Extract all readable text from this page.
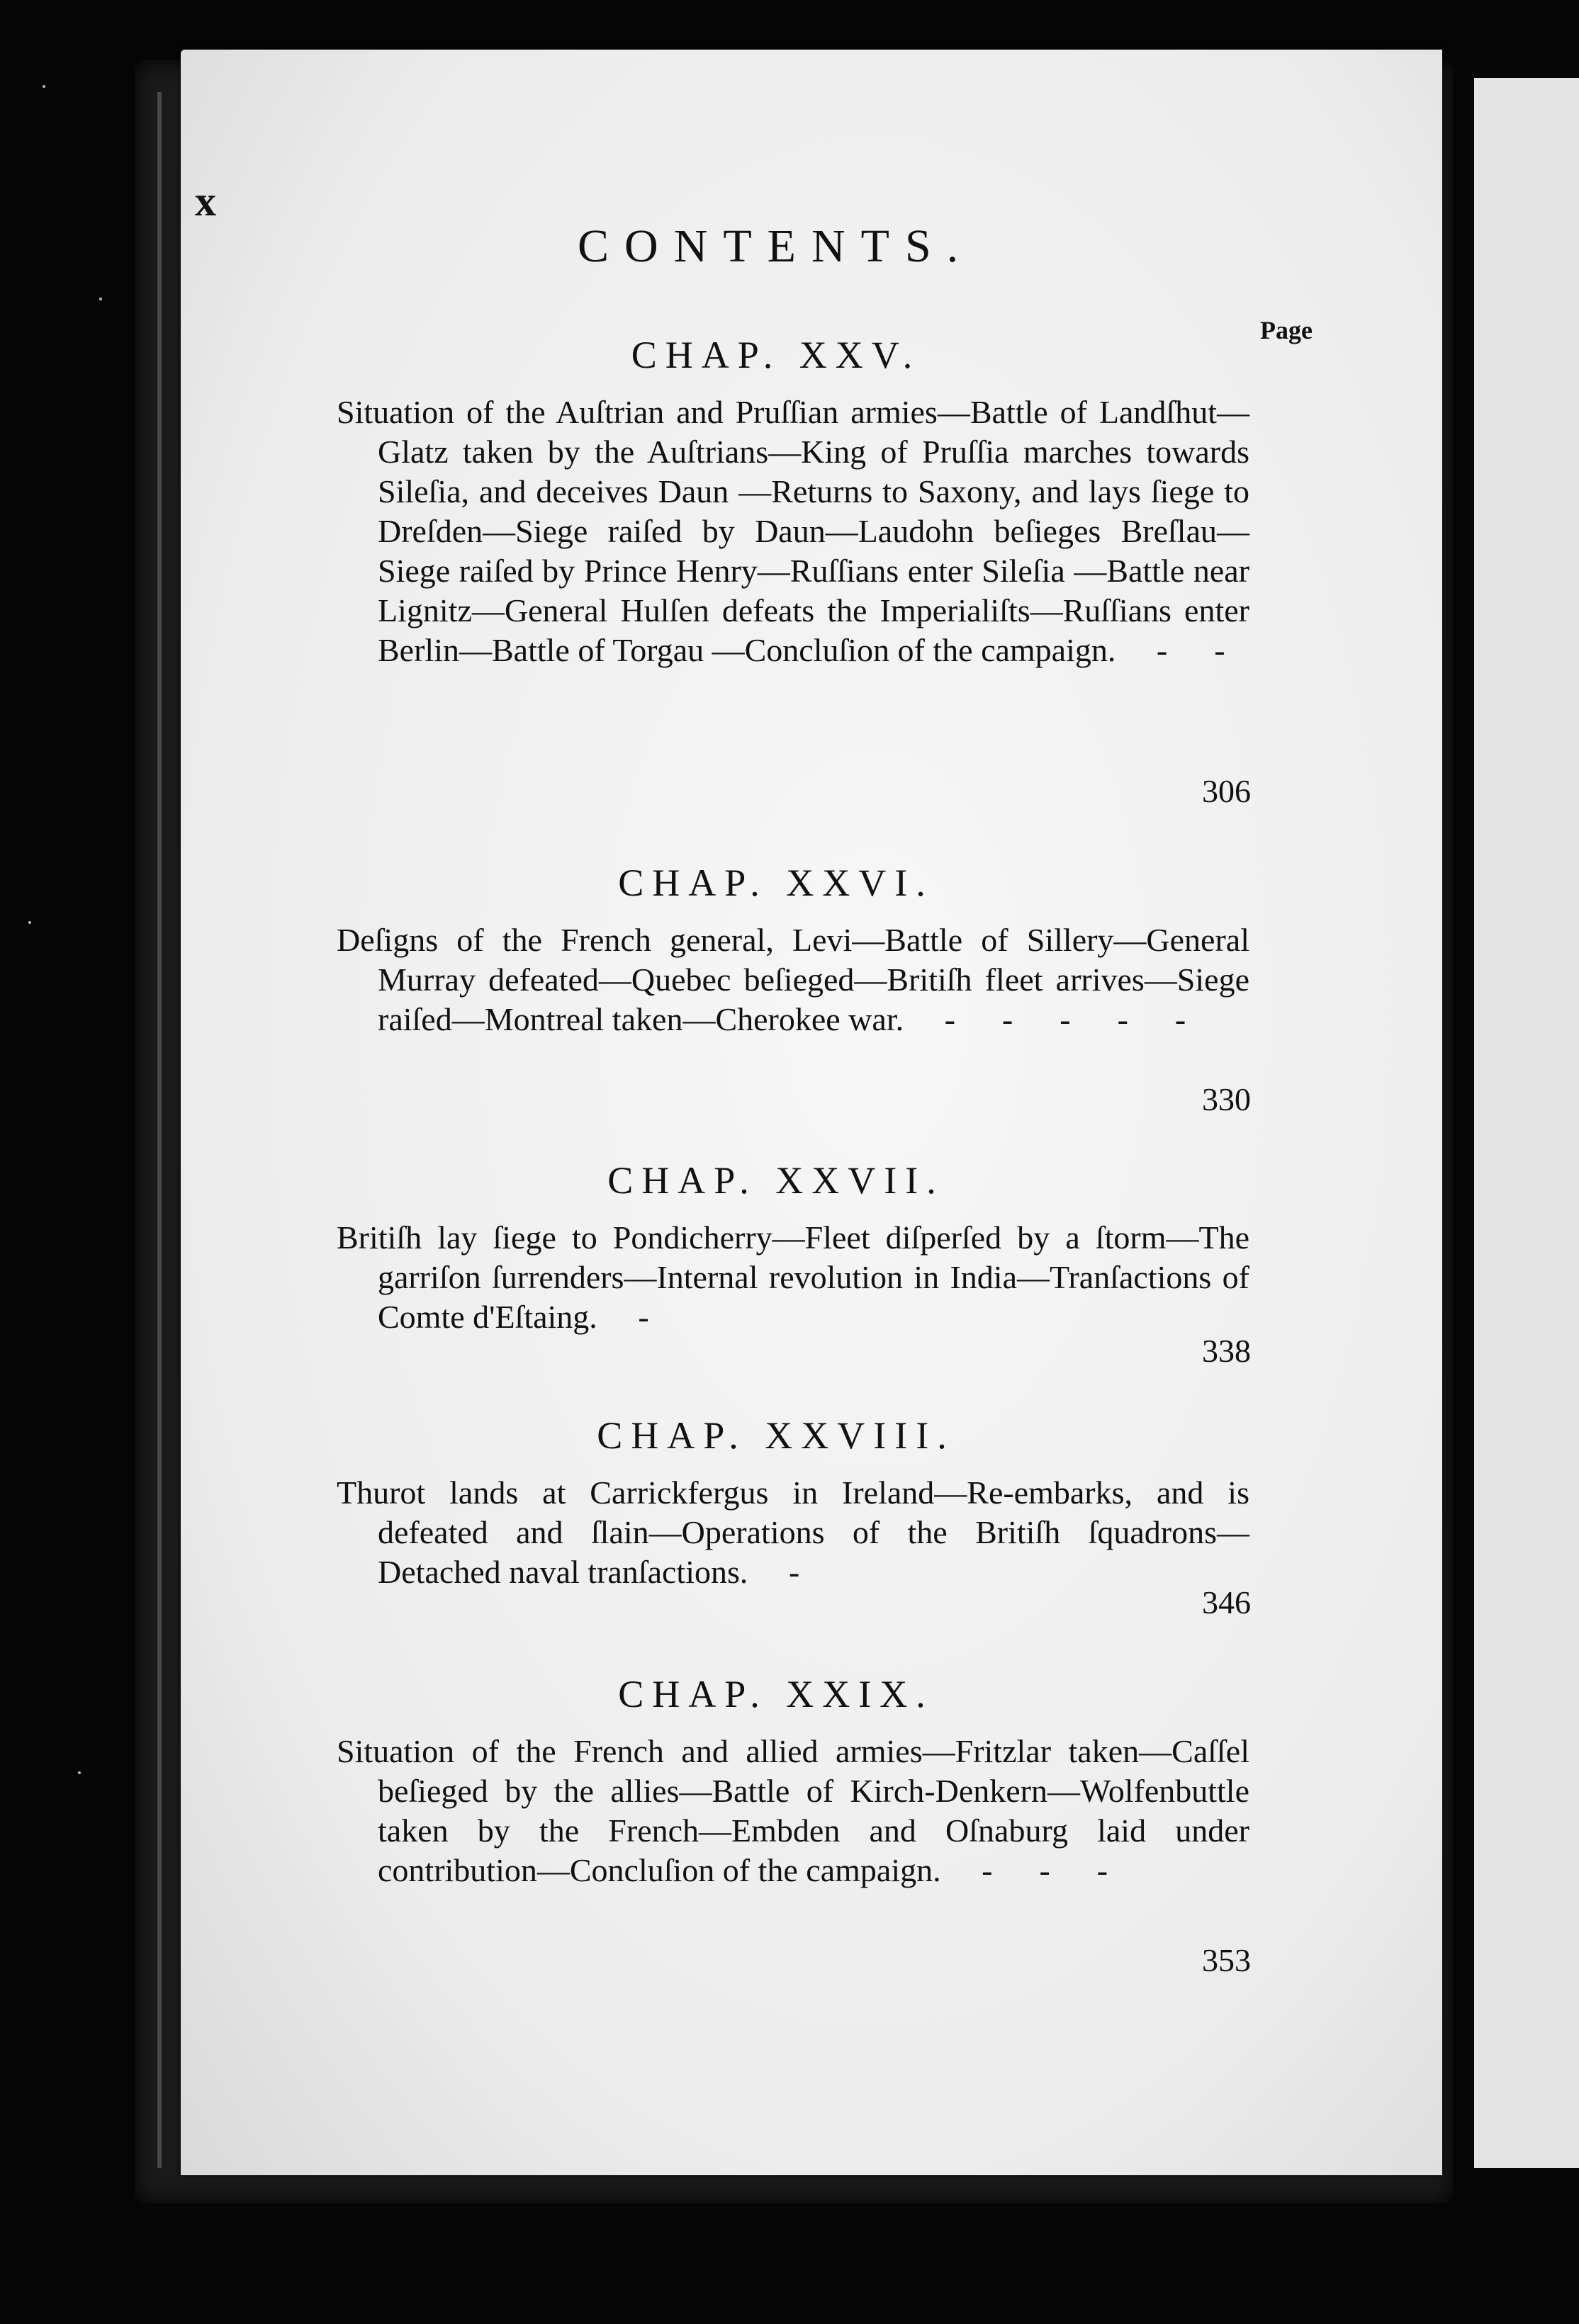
x
CONTENTS.
Page
CHAP. XXV.
Situation of the Auſtrian and Pruſſian armies—Battle of Landſhut—Glatz taken by the Auſtrians—King of Pruſſia marches towards Sileſia, and deceives Daun —Returns to Saxony, and lays ſiege to Dreſden—Siege raiſed by Daun—Laudohn beſieges Breſlau—Siege raiſed by Prince Henry—Ruſſians enter Sileſia —Battle near Lignitz—General Hulſen defeats the Imperialiſts—Ruſſians enter Berlin—Battle of Torgau —Concluſion of the campaign. -    -
306
CHAP. XXVI.
Deſigns of the French general, Levi—Battle of Sillery—General Murray defeated—Quebec beſieged—Britiſh fleet arrives—Siege raiſed—Montreal taken—Cherokee war. -    -    -    -    -
330
CHAP. XXVII.
Britiſh lay ſiege to Pondicherry—Fleet diſperſed by a ſtorm—The garriſon ſurrenders—Internal revolution in India—Tranſactions of Comte d'Eſtaing. -
338
CHAP. XXVIII.
Thurot lands at Carrickfergus in Ireland—Re-embarks, and is defeated and ſlain—Operations of the Britiſh ſquadrons—Detached naval tranſactions. -
346
CHAP. XXIX.
Situation of the French and allied armies—Fritzlar taken—Caſſel beſieged by the allies—Battle of Kirch-Denkern—Wolfenbuttle taken by the French—Embden and Oſnaburg laid under contribution—Concluſion of the campaign. -    -    -
353
